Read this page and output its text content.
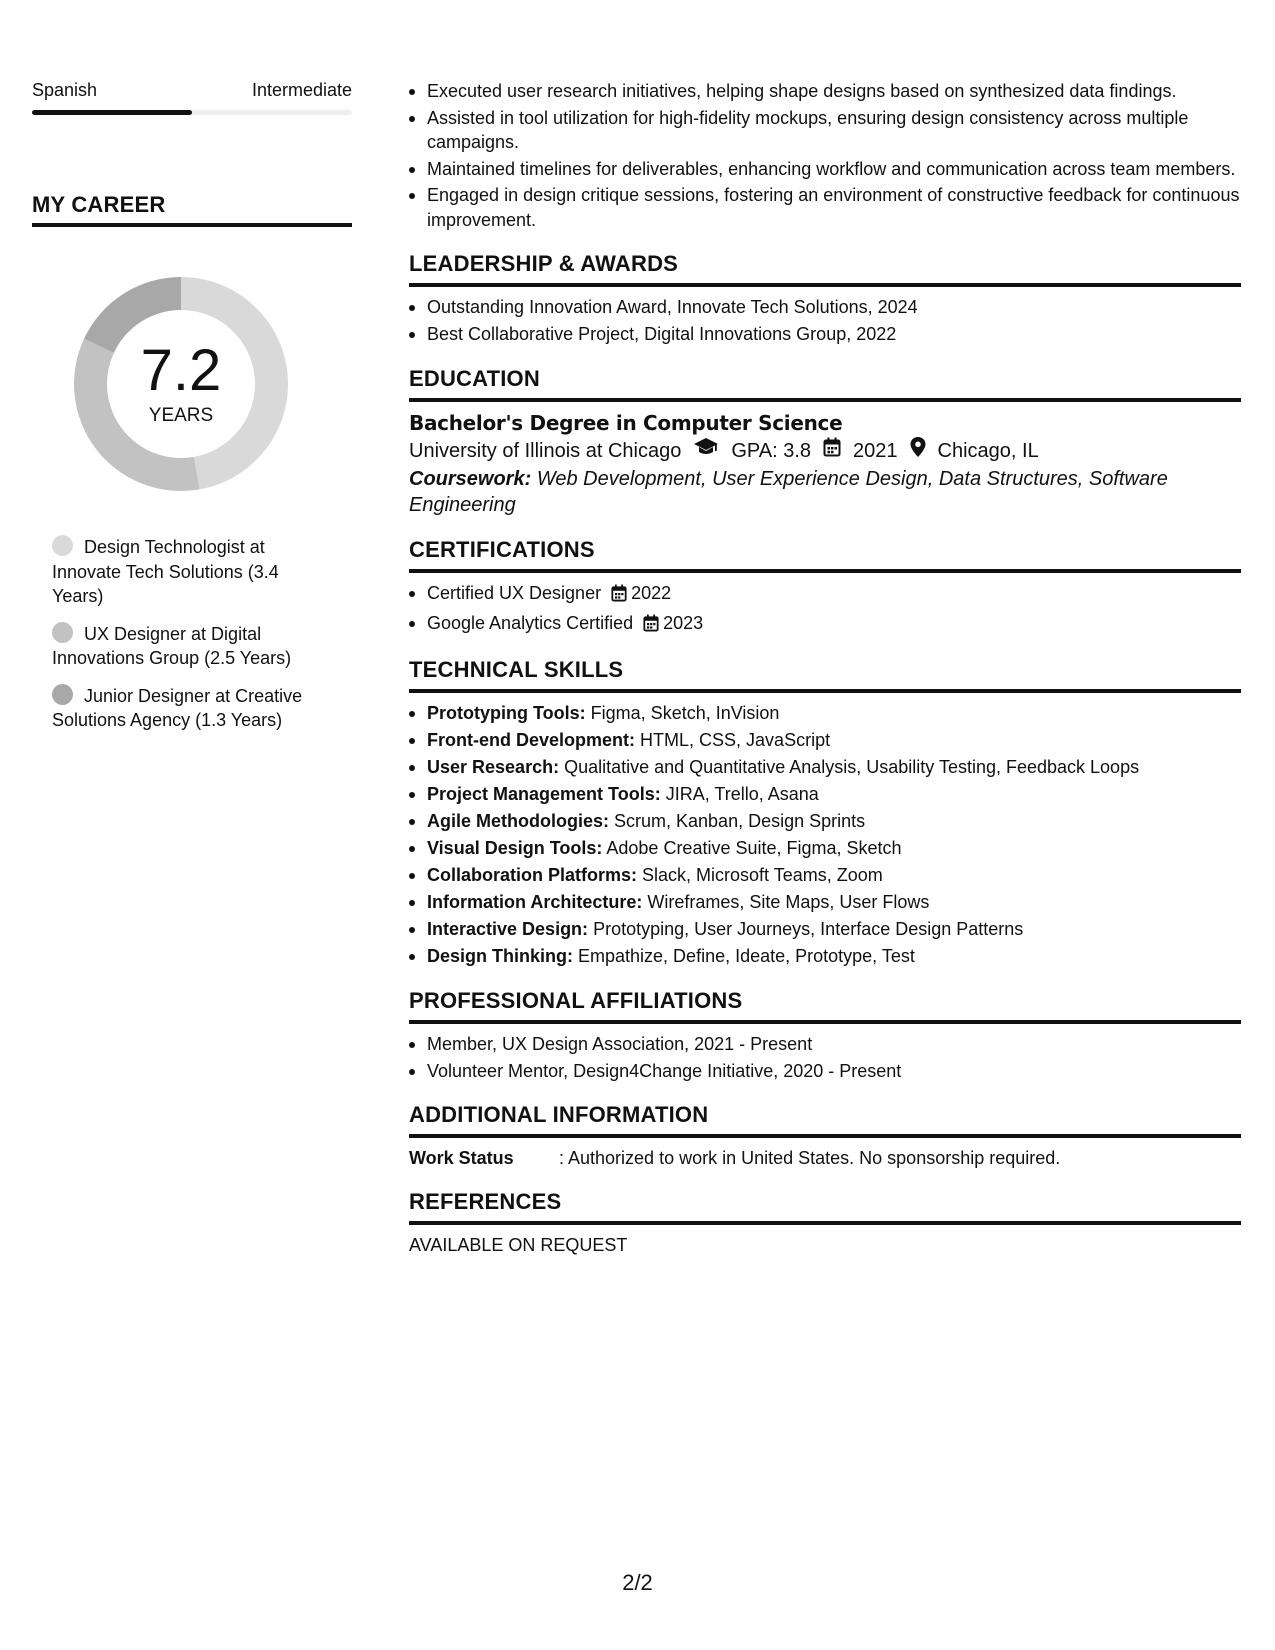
Spanish	Intermediate
MY CAREER
7.2
YEARS
Design Technologist at Innovate Tech Solutions (3.4 Years)
UX Designer at Digital Innovations Group (2.5 Years)
Junior Designer at Creative Solutions Agency (1.3 Years)
Executed user research initiatives, helping shape designs based on synthesized data findings.
Assisted in tool utilization for high-fidelity mockups, ensuring design consistency across multiple campaigns.
Maintained timelines for deliverables, enhancing workflow and communication across team members.
Engaged in design critique sessions, fostering an environment of constructive feedback for continuous improvement.
LEADERSHIP & AWARDS
Outstanding Innovation Award, Innovate Tech Solutions, 2024
Best Collaborative Project, Digital Innovations Group, 2022
EDUCATION
Bachelor's Degree in Computer Science
University of Illinois at Chicago	GPA: 3.8 2021 Chicago, IL
Coursework: Web Development, User Experience Design, Data Structures, Software Engineering
CERTIFICATIONS
Certified UX Designer 2022
Google Analytics Certified 2023
TECHNICAL SKILLS
Prototyping Tools: Figma, Sketch, InVision
Front-end Development: HTML, CSS, JavaScript
User Research: Qualitative and Quantitative Analysis, Usability Testing, Feedback Loops
Project Management Tools: JIRA, Trello, Asana
Agile Methodologies: Scrum, Kanban, Design Sprints
Visual Design Tools: Adobe Creative Suite, Figma, Sketch
Collaboration Platforms: Slack, Microsoft Teams, Zoom
Information Architecture: Wireframes, Site Maps, User Flows
Interactive Design: Prototyping, User Journeys, Interface Design Patterns
Design Thinking: Empathize, Define, Ideate, Prototype, Test
PROFESSIONAL AFFILIATIONS
Member, UX Design Association, 2021 - Present
Volunteer Mentor, Design4Change Initiative, 2020 - Present
ADDITIONAL INFORMATION
Work Status	: Authorized to work in United States. No sponsorship required.
REFERENCES
AVAILABLE ON REQUEST
2/2
